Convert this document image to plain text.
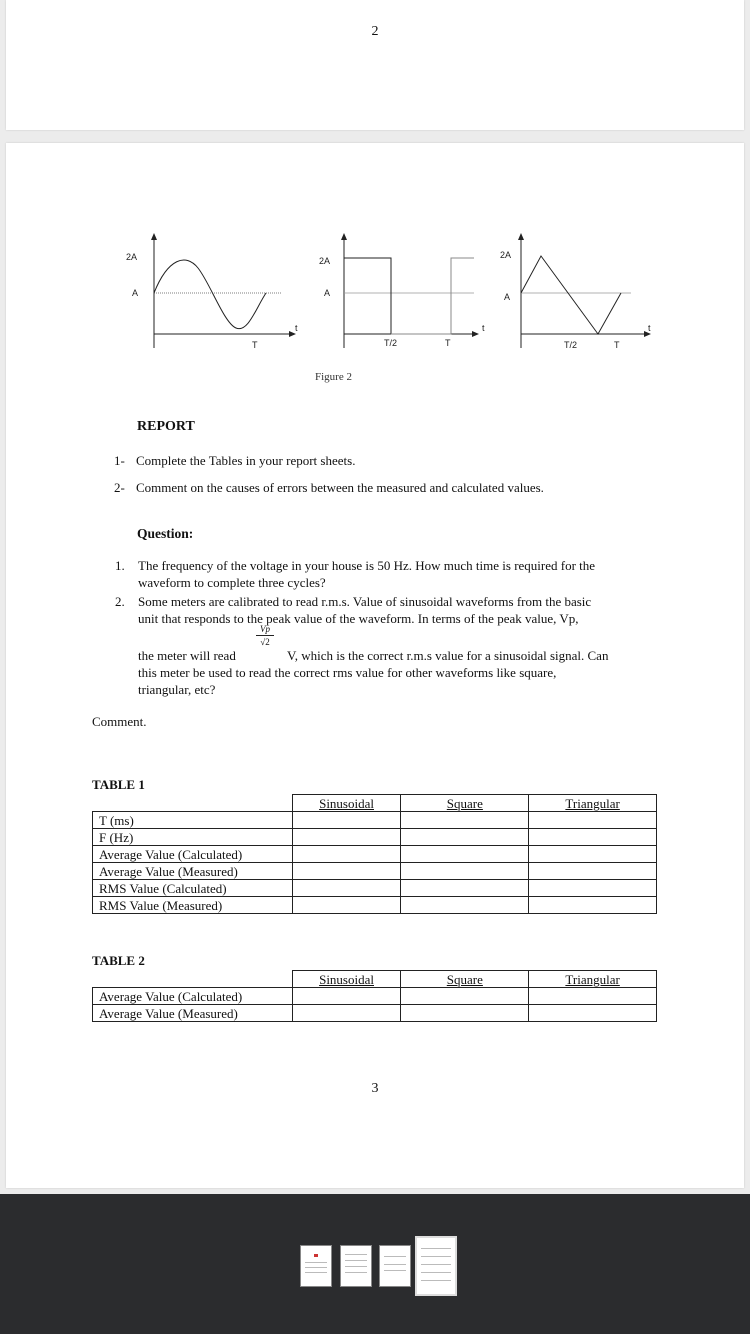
2
2A
A
T
t
2A
A
T/2	T
t
2A
A
T/2	T
t
Figure 2
REPORT
1- Complete the Tables in your report sheets.
2- Comment on the causes of errors between the measured and calculated values.
Question:
1. The frequency of the voltage in your house is 50 Hz. How much time is required for the
waveform to complete three cycles?
2. Some meters are calibrated to read r.m.s. Value of sinusoidal waveforms from the basic
unit that responds to the peak value of the waveform. In terms of the peak value, Vp,
the meter will read
Vp
√2
V, which is the correct r.m.s value for a sinusoidal signal. Can
this meter be used to read the correct rms value for other waveforms like square,
triangular, etc?
Comment.
TABLE 1
	Sinusoidal	Square	Triangular
T (ms)			
F (Hz)			
Average Value (Calculated)			
Average Value (Measured)			
RMS Value (Calculated)			
RMS Value (Measured)			
TABLE 2
	Sinusoidal	Square	Triangular
Average Value (Calculated)			
Average Value (Measured)			
3
